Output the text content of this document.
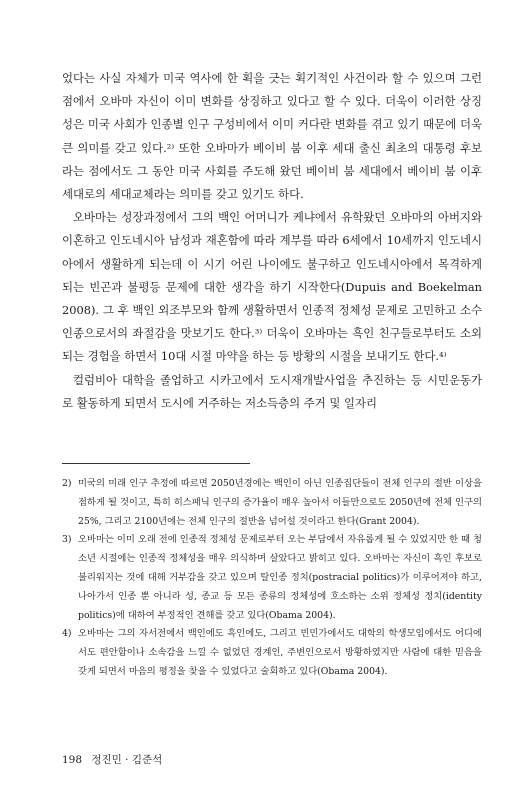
었다는 사실 자체가 미국 역사에 한 획을 긋는 획기적인 사건이라 할 수 있으며 그런 점에서 오바마 자신이 이미 변화를 상징하고 있다고 할 수 있다. 더욱이 이러한 상징성은 미국 사회가 인종별 인구 구성비에서 이미 커다란 변화를 겪고 있기 때문에 더욱 큰 의미를 갖고 있다.²⁾ 또한 오바마가 베이비 붐 이후 세대 출신 최초의 대통령 후보라는 점에서도 그 동안 미국 사회를 주도해 왔던 베이비 붐 세대에서 베이비 붐 이후 세대로의 세대교체라는 의미를 갖고 있기도 하다.

오바마는 성장과정에서 그의 백인 어머니가 케냐에서 유학왔던 오바마의 아버지와 이혼하고 인도네시아 남성과 재혼함에 따라 계부를 따라 6세에서 10세까지 인도네시아에서 생활하게 되는데 이 시기 어린 나이에도 불구하고 인도네시아에서 목격하게 되는 빈곤과 불평등 문제에 대한 생각을 하기 시작한다(Dupuis and Boekelman 2008). 그 후 백인 외조부모와 함께 생활하면서 인종적 정체성 문제로 고민하고 소수인종으로서의 좌절감을 맛보기도 한다.³⁾ 더욱이 오바마는 흑인 친구들로부터도 소외되는 경험을 하면서 10대 시절 마약을 하는 등 방황의 시절을 보내기도 한다.⁴⁾

컬럼비아 대학을 졸업하고 시카고에서 도시재개발사업을 추진하는 등 시민운동가로 활동하게 되면서 도시에 거주하는 저소득층의 주거 및 일자리

2) 미국의 미래 인구 추정에 따르면 2050년경에는 백인이 아닌 인종집단들이 전체 인구의 절반 이상을 점하게 될 것이고, 특히 히스패닉 인구의 증가율이 매우 높아서 이들만으로도 2050년에 전체 인구의 25%, 그리고 2100년에는 전체 인구의 절반을 넘어설 것이라고 한다(Grant 2004).
3) 오바마는 이미 오래 전에 인종적 정체성 문제로부터 오는 부담에서 자유롭게 될 수 있었지만 한 때 청소년 시절에는 인종적 정체성을 매우 의식하며 살았다고 밝히고 있다. 오바마는 자신이 흑인 후보로 불리워지는 것에 대해 거부감을 갖고 있으며 탈인종 정치(postracial politics)가 이루어져야 하고, 나아가서 인종 뿐 아니라 성, 종교 등 모든 종류의 정체성에 호소하는 소위 정체성 정치(identity politics)에 대하여 부정적인 견해를 갖고 있다(Obama 2004).
4) 오바마는 그의 자서전에서 백인에도 흑인에도, 그리고 빈민가에서도 대학의 학생모임에서도 어디에서도 편안함이나 소속감을 느낄 수 없었던 경계인, 주변인으로서 방황하였지만 사람에 대한 믿음을 갖게 되면서 마음의 평정을 찾을 수 있었다고 술회하고 있다(Obama 2004).
198 정진민 · 김준석
